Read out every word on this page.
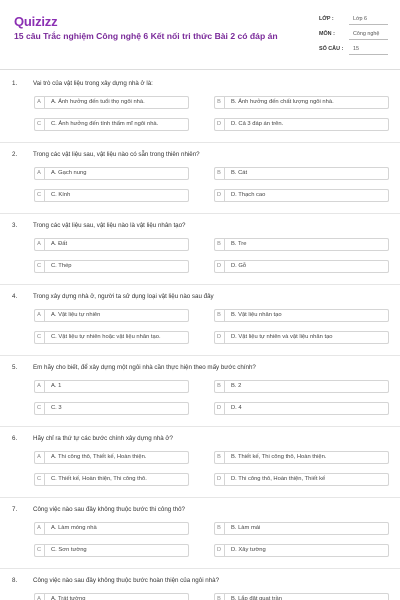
Quizizz
15 câu Trắc nghiệm Công nghệ 6 Kết nối tri thức Bài 2 có đáp án
LỚP :	Lớp 6
MÔN :	Công nghệ
SỐ CÂU : 15
1.	Vai trò của vật liệu trong xây dựng nhà ở là:
A	A. Ảnh hưởng đến tuổi thọ ngôi nhà.	B	B. Ảnh hưởng đến chất lượng ngôi nhà.
C	C. Ảnh hưởng đến tính thẩm mĩ ngôi nhà.	D	D. Cả 3 đáp án trên.
2.	Trong các vật liệu sau, vật liệu nào có sẵn trong thiên nhiên?
A	A. Gạch nung	B	B. Cát
C	C. Kính	D	D. Thạch cao
3.	Trong các vật liệu sau, vật liệu nào là vật liệu nhân tạo?
A	A. Đất	B	B. Tre
C	C. Thép	D	D. Gỗ
4.	Trong xây dựng nhà ở, người ta sử dụng loại vật liệu nào sau đây
A	A. Vật liệu tự nhiên	B	B. Vật liệu nhân tạo
C	C. Vật liệu tự nhiên hoặc vật liệu nhân tạo.	D	D. Vật liệu tự nhiên và vật liệu nhân tạo
5.	Em hãy cho biết, để xây dựng một ngôi nhà cần thực hiện theo mấy bước chính?
A	A. 1	B	B. 2
C	C. 3	D	D. 4
6.	Hãy chỉ ra thứ tự các bước chính xây dựng nhà ở?
A	A. Thi công thô, Thiết kế, Hoàn thiện.	B	B. Thiết kế, Thi công thô, Hoàn thiện.
C	C. Thiết kế, Hoàn thiện, Thi công thô.	D	D. Thi công thô, Hoàn thiện, Thiết kế
7.	Công việc nào sau đây không thuộc bước thi công thô?
A	A. Làm móng nhà	B	B. Làm mái
C	C. Sơn tường	D	D. Xây tường
8.	Công việc nào sau đây không thuộc bước hoàn thiện của ngôi nhà?
A	A. Trát tường	B	B. Lắp đặt quạt trần
